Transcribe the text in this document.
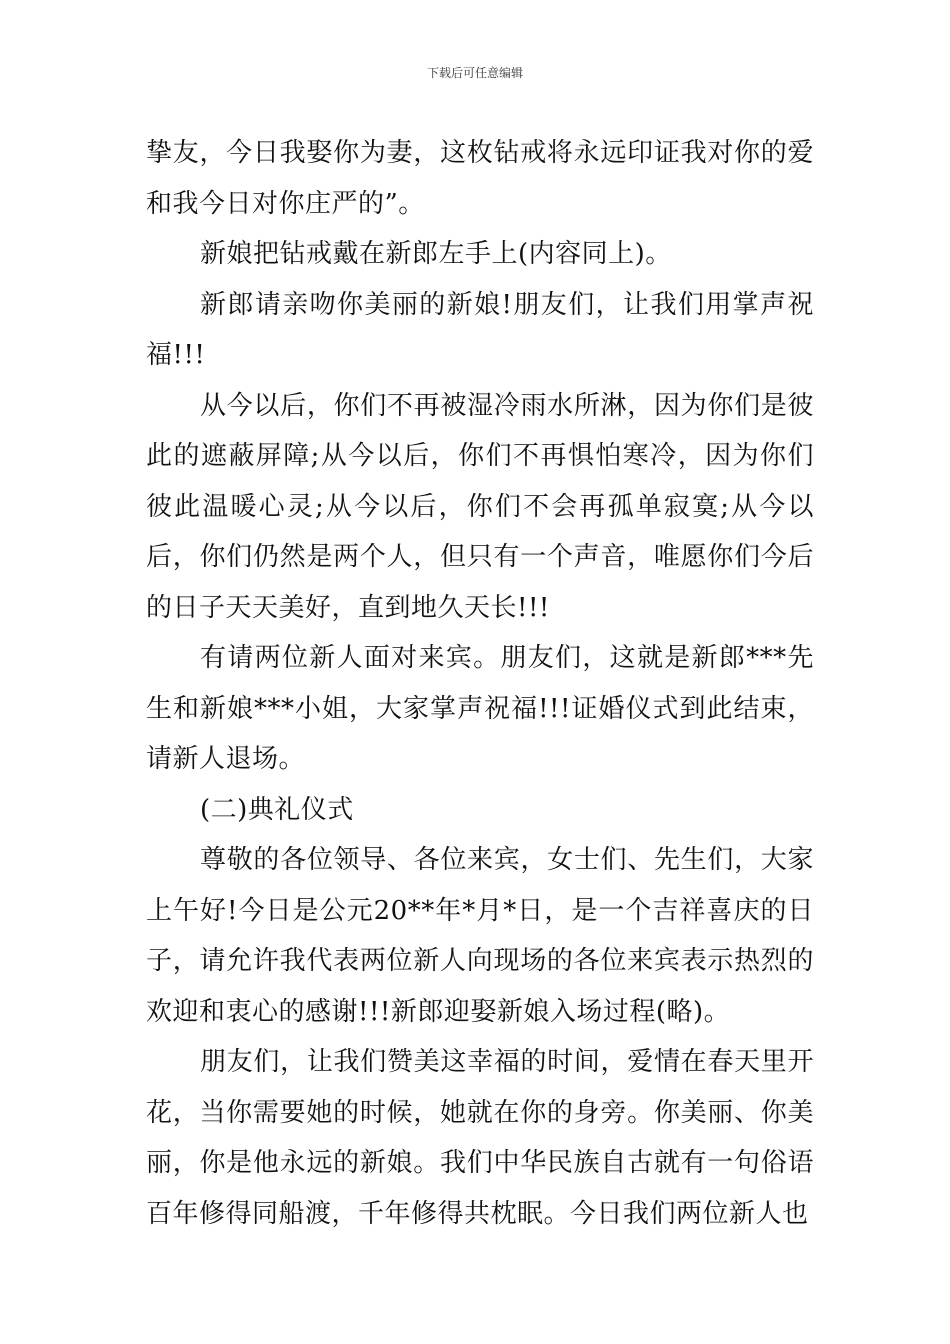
下载后可任意编辑

挚友，今日我娶你为妻，这枚钻戒将永远印证我对你的爱和我今日对你庄严的”。

新娘把钻戒戴在新郎左手上(内容同上)。

新郎请亲吻你美丽的新娘!朋友们，让我们用掌声祝福!!!

从今以后，你们不再被湿冷雨水所淋，因为你们是彼此的遮蔽屏障;从今以后，你们不再惧怕寒冷，因为你们彼此温暖心灵;从今以后，你们不会再孤单寂寞;从今以后，你们仍然是两个人，但只有一个声音，唯愿你们今后的日子天天美好，直到地久天长!!!

有请两位新人面对来宾。朋友们，这就是新郎***先生和新娘***小姐，大家掌声祝福!!!证婚仪式到此结束，请新人退场。

(二)典礼仪式

尊敬的各位领导、各位来宾，女士们、先生们，大家上午好!今日是公元20**年*月*日，是一个吉祥喜庆的日子，请允许我代表两位新人向现场的各位来宾表示热烈的欢迎和衷心的感谢!!!新郎迎娶新娘入场过程(略)。

朋友们，让我们赞美这幸福的时间，爱情在春天里开花，当你需要她的时候，她就在你的身旁。你美丽、你美丽，你是他永远的新娘。我们中华民族自古就有一句俗语百年修得同船渡，千年修得共枕眠。今日我们两位新人也
